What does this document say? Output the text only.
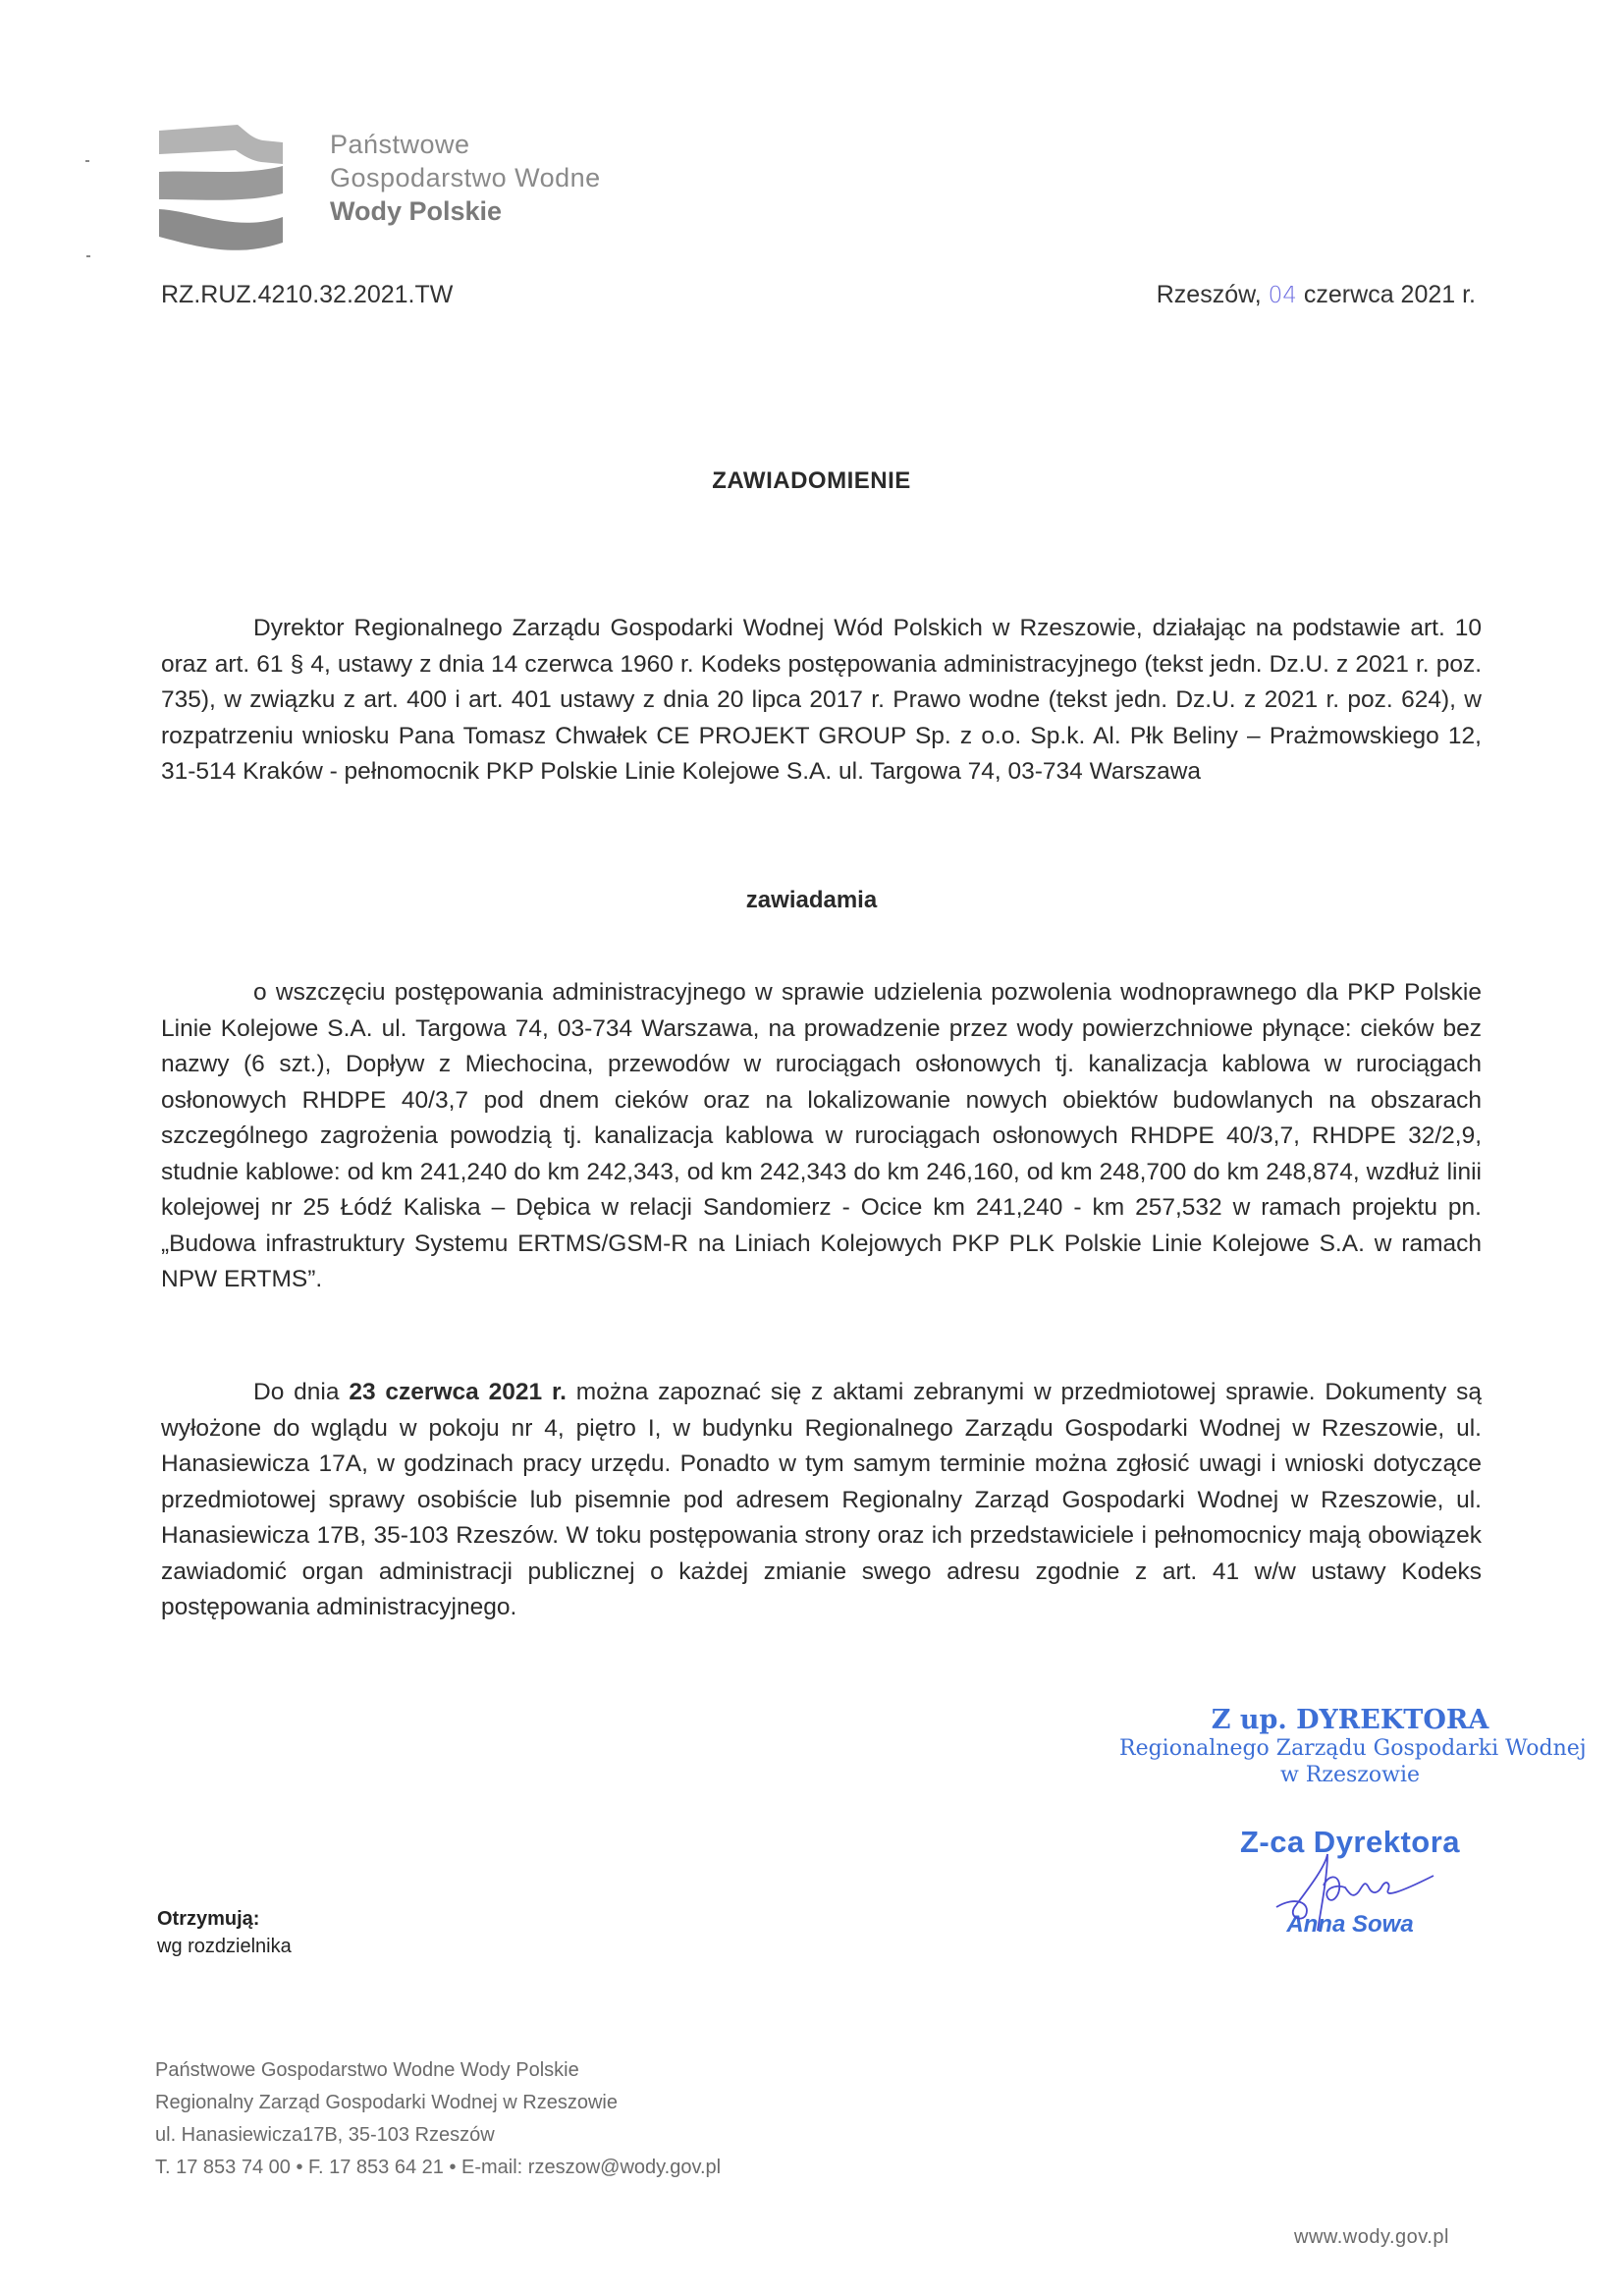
Państwowe
Gospodarstwo Wodne
Wody Polskie
RZ.RUZ.4210.32.2021.TW	Rzeszów, 04 czerwca 2021 r.
ZAWIADOMIENIE
Dyrektor Regionalnego Zarządu Gospodarki Wodnej Wód Polskich w Rzeszowie, działając na podstawie art. 10 oraz art. 61 § 4, ustawy z dnia 14 czerwca 1960 r. Kodeks postępowania administracyjnego (tekst jedn. Dz.U. z 2021 r. poz. 735), w związku z art. 400 i art. 401 ustawy z dnia 20 lipca 2017 r. Prawo wodne (tekst jedn. Dz.U. z 2021 r. poz. 624), w rozpatrzeniu wniosku Pana Tomasz Chwałek CE PROJEKT GROUP Sp. z o.o. Sp.k. Al. Płk Beliny – Prażmowskiego 12, 31-514 Kraków - pełnomocnik PKP Polskie Linie Kolejowe S.A. ul. Targowa 74, 03-734 Warszawa
zawiadamia
o wszczęciu postępowania administracyjnego w sprawie udzielenia pozwolenia wodnoprawnego dla PKP Polskie Linie Kolejowe S.A. ul. Targowa 74, 03-734 Warszawa, na prowadzenie przez wody powierzchniowe płynące: cieków bez nazwy (6 szt.), Dopływ z Miechocina, przewodów w rurociągach osłonowych tj. kanalizacja kablowa w rurociągach osłonowych RHDPE 40/3,7 pod dnem cieków oraz na lokalizowanie nowych obiektów budowlanych na obszarach szczególnego zagrożenia powodzią tj. kanalizacja kablowa w rurociągach osłonowych RHDPE 40/3,7, RHDPE 32/2,9, studnie kablowe: od km 241,240 do km 242,343, od km 242,343 do km 246,160, od km 248,700 do km 248,874, wzdłuż linii kolejowej nr 25 Łódź Kaliska – Dębica w relacji Sandomierz - Ocice km 241,240 - km 257,532 w ramach projektu pn. „Budowa infrastruktury Systemu ERTMS/GSM-R na Liniach Kolejowych PKP PLK Polskie Linie Kolejowe S.A. w ramach NPW ERTMS”.
Do dnia 23 czerwca 2021 r. można zapoznać się z aktami zebranymi w przedmiotowej sprawie. Dokumenty są wyłożone do wglądu w pokoju nr 4, piętro I, w budynku Regionalnego Zarządu Gospodarki Wodnej w Rzeszowie, ul. Hanasiewicza 17A, w godzinach pracy urzędu. Ponadto w tym samym terminie można zgłosić uwagi i wnioski dotyczące przedmiotowej sprawy osobiście lub pisemnie pod adresem Regionalny Zarząd Gospodarki Wodnej w Rzeszowie, ul. Hanasiewicza 17B, 35-103 Rzeszów. W toku postępowania strony oraz ich przedstawiciele i pełnomocnicy mają obowiązek zawiadomić organ administracji publicznej o każdej zmianie swego adresu zgodnie z art. 41 w/w ustawy Kodeks postępowania administracyjnego.
Z up. DYREKTORA
Regionalnego Zarządu Gospodarki Wodnej
w Rzeszowie
Z-ca Dyrektora
Anna Sowa
Otrzymują:
wg rozdzielnika
Państwowe Gospodarstwo Wodne Wody Polskie
Regionalny Zarząd Gospodarki Wodnej w Rzeszowie
ul. Hanasiewicza17B, 35-103 Rzeszów
T. 17 853 74 00 • F. 17 853 64 21 • E-mail: rzeszow@wody.gov.pl
www.wody.gov.pl
